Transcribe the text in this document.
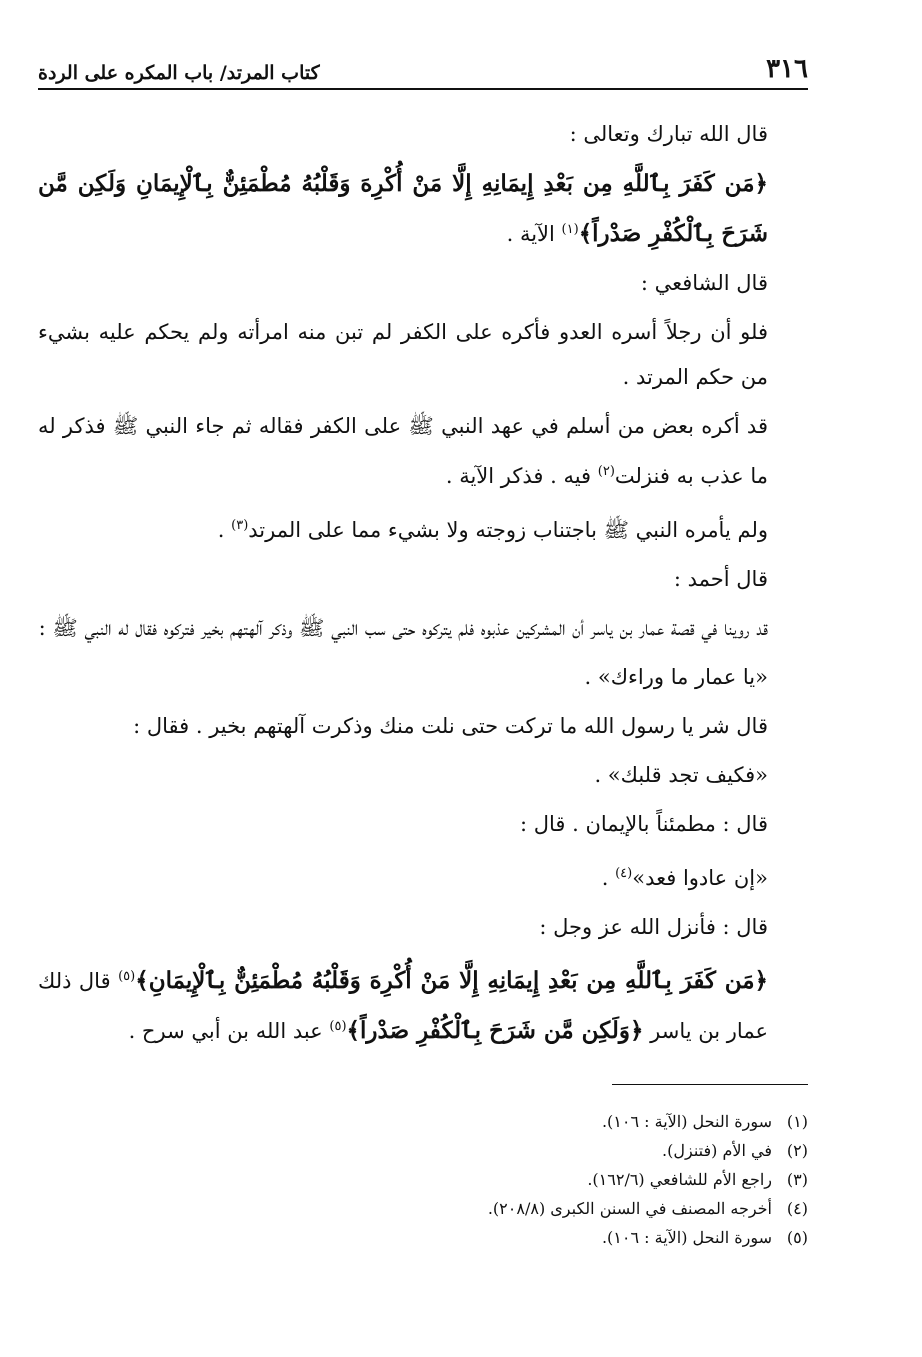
٣١٦
كتاب المرتد/ باب المكره على الردة

قال الله تبارك وتعالى :

﴿مَن كَفَرَ بِٱللَّهِ مِن بَعْدِ إِيمَانِهِ إِلَّا مَنْ أُكْرِهَ وَقَلْبُهُ مُطْمَئِنٌّ بِٱلْإِيمَانِ وَلَكِن مَّن شَرَحَ بِٱلْكُفْرِ صَدْراً﴾$^{(١)}$ الآية .

قال الشافعي :

فلو أن رجلاً أسره العدو فأكره على الكفر لم تبن منه امرأته ولم يحكم عليه بشيء من حكم المرتد .

قد أكره بعض من أسلم في عهد النبي ﷺ على الكفر فقاله ثم جاء النبي ﷺ فذكر له ما عذب به فنزلت$^{(٢)}$ فيه . فذكر الآية .

ولم يأمره النبي ﷺ باجتناب زوجته ولا بشيء مما على المرتد$^{(٣)}$ .

قال أحمد :

قد روينا في قصة عمار بن ياسر أن المشركين عذبوه فلم يتركوه حتى سب النبي ﷺ وذكر آلهتهم بخير فتركوه فقال له النبي ﷺ :

«يا عمار ما وراءك» .

قال شر يا رسول الله ما تركت حتى نلت منك وذكرت آلهتهم بخير . فقال :

«فكيف تجد قلبك» .

قال : مطمئناً بالإيمان . قال :

«إن عادوا فعد»$^{(٤)}$ .

قال : فأنزل الله عز وجل :

﴿مَن كَفَرَ بِٱللَّهِ مِن بَعْدِ إِيمَانِهِ إِلَّا مَنْ أُكْرِهَ وَقَلْبُهُ مُطْمَئِنٌّ بِٱلْإِيمَانِ﴾$^{(٥)}$ قال ذلك عمار بن ياسر ﴿وَلَكِن مَّن شَرَحَ بِٱلْكُفْرِ صَدْراً﴾$^{(٥)}$ عبد الله بن أبي سرح .

(١)
سورة النحل (الآية : ١٠٦).
(٢)
في الأم (فتنزل).
(٣)
راجع الأم للشافعي (١٦٢/٦).
(٤)
أخرجه المصنف في السنن الكبرى (٢٠٨/٨).
(٥)
سورة النحل (الآية : ١٠٦).
